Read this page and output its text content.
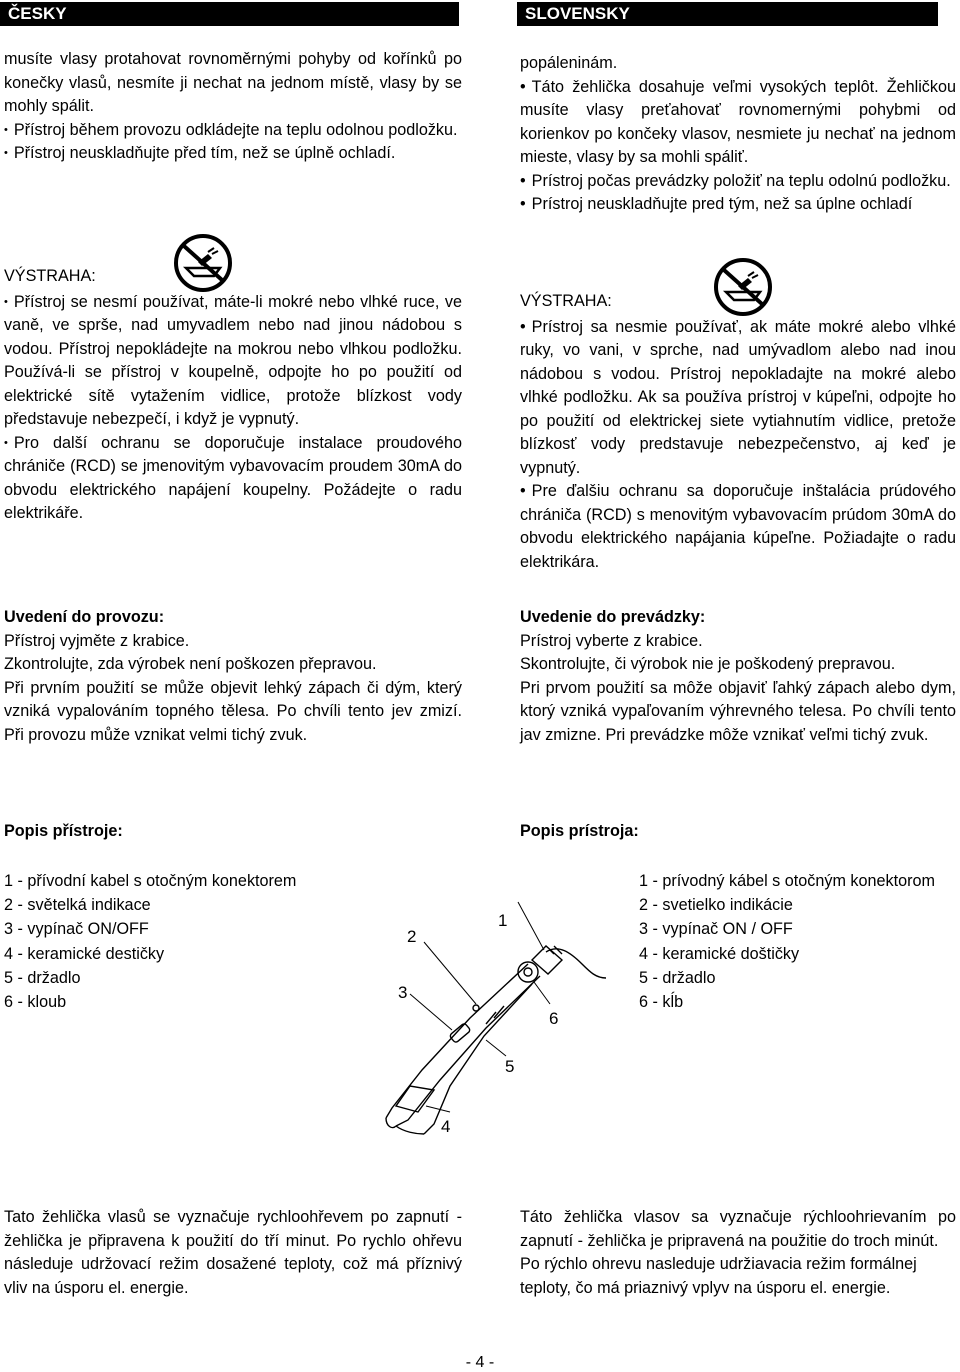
ČESKY

musíte vlasy protahovat rovnoměrnými pohyby od kořínků po konečky vlasů, nesmíte ji nechat na jednom místě, vlasy by se mohly spálit.

• Přístroj během provozu odkládejte na teplu odolnou podložku.

• Přístroj neuskladňujte před tím, než se úplně ochladí.

VÝSTRAHA:

• Přístroj se nesmí používat, máte-li mokré nebo vlhké ruce, ve vaně, ve sprše, nad umyvadlem nebo nad jinou nádobou s vodou. Přístroj nepokládejte na mokrou nebo vlhkou podložku. Používá-li se přístroj v koupelně, odpojte ho po použití od elektrické sítě vytažením vidlice, protože blízkost vody představuje nebezpečí, i když je vypnutý.

• Pro další ochranu se doporučuje instalace proudového chrániče (RCD) se jmenovitým vybavovacím proudem 30mA do obvodu elektrického napájení koupelny. Požádejte o radu elektrikáře.

Uvedení do provozu:

Přístroj vyjměte z krabice.

Zkontrolujte, zda výrobek není poškozen přepravou.

Při prvním použití se může objevit lehký zápach či dým, který vzniká vypalováním topného tělesa. Po chvíli tento jev zmizí. Při provozu může vznikat velmi tichý zvuk.

Popis přístroje:

1 - přívodní kabel s otočným konektorem

2 - světelká indikace

3 - vypínač ON/OFF

4 - keramické destičky

5 - držadlo

6 - kloub

Tato žehlička vlasů se vyznačuje rychloohřevem po zapnutí - žehlička je připravena k použití do tří minut. Po rychlo ohřevu následuje udržovací režim dosažené teploty, což má příznivý vliv na úsporu el. energie.

SLOVENSKY

popáleninám.

• Táto žehlička dosahuje veľmi vysokých teplôt. Žehličkou musíte vlasy preťahovať rovnomernými pohybmi od korienkov po končeky vlasov, nesmiete ju nechať na jednom mieste, vlasy by sa mohli spáliť.

• Prístroj počas prevádzky položiť na teplu odolnú podložku.

• Prístroj neuskladňujte pred tým, než sa úplne ochladí

VÝSTRAHA:

• Prístroj sa nesmie používať, ak máte mokré alebo vlhké ruky, vo vani, v sprche, nad umývadlom alebo nad inou nádobou s vodou. Prístroj nepokladajte na mokré alebo vlhké podložku. Ak sa používa prístroj v kúpeľni, odpojte ho po použití od elektrickej siete vytiahnutím vidlice, pretože blízkosť vody predstavuje nebezpečenstvo, aj keď je vypnutý.

• Pre ďalšiu ochranu sa doporučuje inštalácia prúdového chrániča (RCD) s menovitým vybavovacím prúdom 30mA do obvodu elektrického napájania kúpeľne. Požiadajte o radu elektrikára.

Uvedenie do prevádzky:

Prístroj vyberte z krabice.

Skontrolujte, či výrobok nie je poškodený prepravou.

Pri prvom použití sa môže objaviť ľahký zápach alebo dym, ktorý vzniká vypaľovaním výhrevného telesa. Po chvíli tento jav zmizne. Pri prevádzke môže vznikať veľmi tichý zvuk.

Popis prístroja:

1 - prívodný kábel s otočným konektorom

2 - svetielko indikácie

3 - vypínač ON / OFF

4 - keramické doštičky

5 - držadlo

6 - kĺb

Táto žehlička vlasov sa vyznačuje rýchloohrievaním po zapnutí - žehlička je pripravená na použitie do troch minút.

Po rýchlo ohrevu nasleduje udržiavacia režim formálnej teploty, čo má priaznivý vplyv na úsporu el. energie.

1
2
3
4
5
6
- 4 -
